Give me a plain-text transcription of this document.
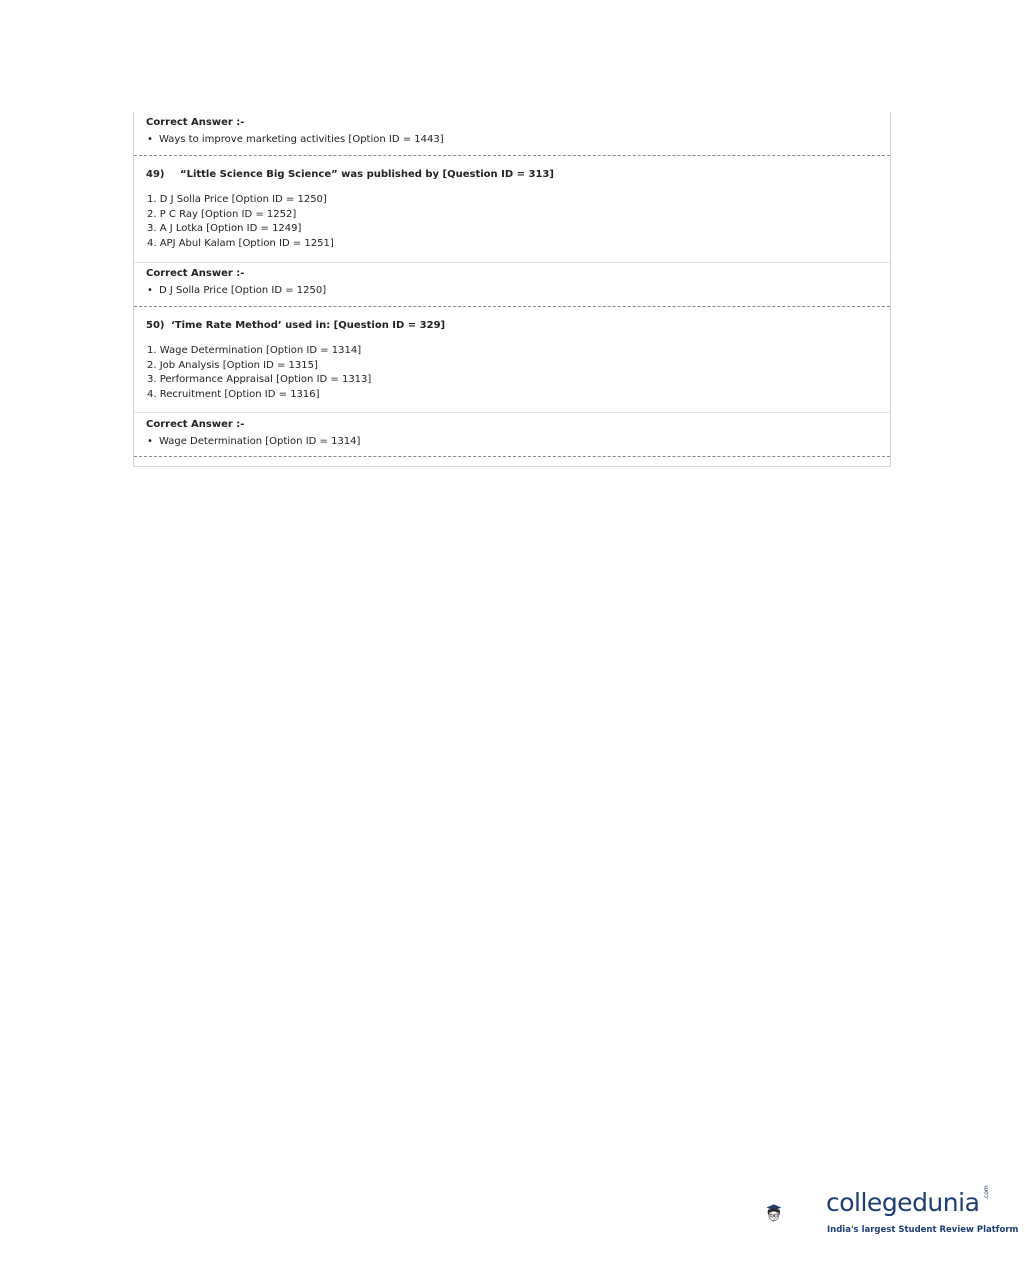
Correct Answer :-
• Ways to improve marketing activities [Option ID = 1443]
49) “Little Science Big Science” was published by [Question ID = 313]
1. D J Solla Price [Option ID = 1250]
2. P C Ray [Option ID = 1252]
3. A J Lotka [Option ID = 1249]
4. APJ Abul Kalam [Option ID = 1251]
Correct Answer :-
• D J Solla Price [Option ID = 1250]
50) ‘Time Rate Method’ used in: [Question ID = 329]
1. Wage Determination [Option ID = 1314]
2. Job Analysis [Option ID = 1315]
3. Performance Appraisal [Option ID = 1313]
4. Recruitment [Option ID = 1316]
Correct Answer :-
• Wage Determination [Option ID = 1314]
collegedunia .com
India's largest Student Review Platform
